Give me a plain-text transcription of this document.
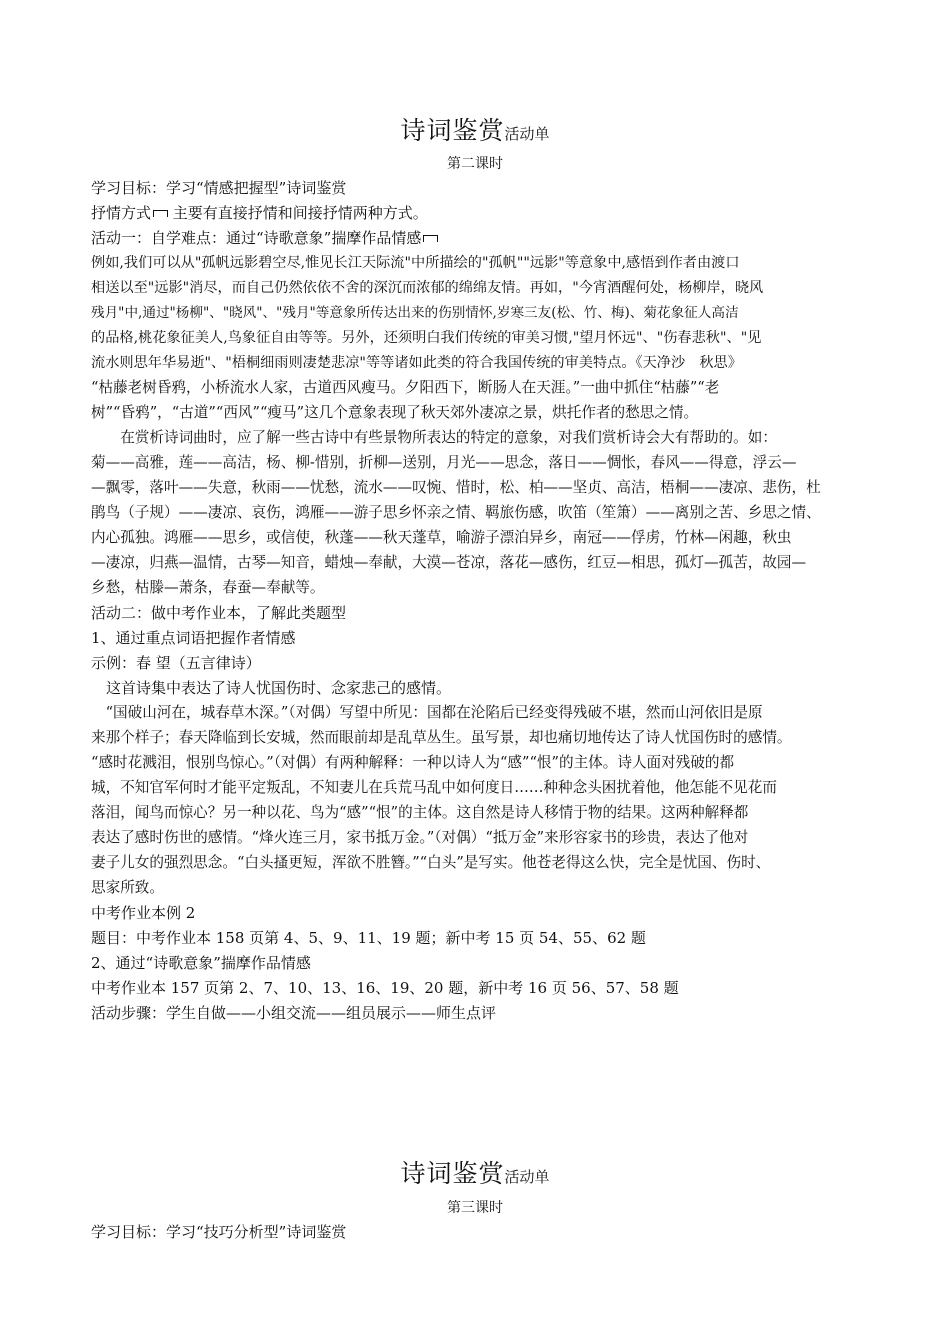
诗词鉴赏活动单
第二课时
学习目标：学习“情感把握型”诗词鉴赏
抒情方式 主要有直接抒情和间接抒情两种方式。
活动一：自学难点：通过“诗歌意象”揣摩作品情感
例如,我们可以从"孤帆远影碧空尽,惟见长江天际流"中所描绘的"孤帆""远影"等意象中,感悟到作者由渡口
相送以至"远影"消尽，而自己仍然依依不舍的深沉而浓郁的绵绵友情。再如，"今宵酒醒何处，杨柳岸，晓风
残月"中,通过"杨柳"、"晓风"、"残月"等意象所传达出来的伤别情怀,岁寒三友(松、竹、梅)、菊花象征人高洁
的品格,桃花象征美人,鸟象征自由等等。另外，还须明白我们传统的审美习惯,"望月怀远"、"伤春悲秋"、"见
流水则思年华易逝"、"梧桐细雨则凄楚悲凉"等等诸如此类的符合我国传统的审美特点。《天净沙　秋思》
“枯藤老树昏鸦，小桥流水人家，古道西风瘦马。夕阳西下，断肠人在天涯。”一曲中抓住“枯藤”“老
树”“昏鸦”，“古道”“西风”“瘦马”这几个意象表现了秋天郊外凄凉之景，烘托作者的愁思之情。
　　在赏析诗词曲时，应了解一些古诗中有些景物所表达的特定的意象，对我们赏析诗会大有帮助的。如：
菊——高雅，莲——高洁，杨、柳-惜别，折柳—送别，月光——思念，落日——惆怅，春风——得意，浮云—
—飘零，落叶——失意，秋雨——忧愁，流水——叹惋、惜时，松、柏——坚贞、高洁，梧桐——凄凉、悲伤，杜
鹃鸟（子规）——凄凉、哀伤，鸿雁——游子思乡怀亲之情、羁旅伤感，吹笛（笙箫）——离别之苦、乡思之情、
内心孤独。鸿雁——思乡，或信使，秋蓬——秋天蓬草，喻游子漂泊异乡，南冠——俘虏，竹林—闲趣，秋虫
—凄凉，归燕—温情，古琴—知音，蜡烛—奉献，大漠—苍凉，落花—感伤，红豆—相思，孤灯—孤苦，故园—
乡愁，枯滕—萧条，春蚕—奉献等。
活动二：做中考作业本，了解此类题型
1、通过重点词语把握作者情感
示例：春 望（五言律诗）
　这首诗集中表达了诗人忧国伤时、念家悲己的感情。
　“国破山河在，城春草木深。”（对偶）写望中所见：国都在沦陷后已经变得残破不堪，然而山河依旧是原
来那个样子；春天降临到长安城，然而眼前却是乱草丛生。虽写景，却也痛切地传达了诗人忧国伤时的感情。
“感时花溅泪，恨别鸟惊心。”（对偶）有两种解释：一种以诗人为“感”“恨”的主体。诗人面对残破的都
城，不知官军何时才能平定叛乱，不知妻儿在兵荒马乱中如何度日……种种念头困扰着他，他怎能不见花而
落泪，闻鸟而惊心？另一种以花、鸟为“感”“恨”的主体。这自然是诗人移情于物的结果。这两种解释都
表达了感时伤世的感情。“烽火连三月，家书抵万金。”（对偶）“抵万金”来形容家书的珍贵，表达了他对
妻子儿女的强烈思念。“白头搔更短，浑欲不胜簪。”“白头”是写实。他苍老得这么快，完全是忧国、伤时、
思家所致。
中考作业本例 2
题目：中考作业本 158 页第 4、5、9、11、19 题；新中考 15 页 54、55、62 题
2、通过“诗歌意象”揣摩作品情感
中考作业本 157 页第 2、7、10、13、16、19、20 题，新中考 16 页 56、57、58 题
活动步骤：学生自做——小组交流——组员展示——师生点评
诗词鉴赏活动单
第三课时
学习目标：学习“技巧分析型”诗词鉴赏
